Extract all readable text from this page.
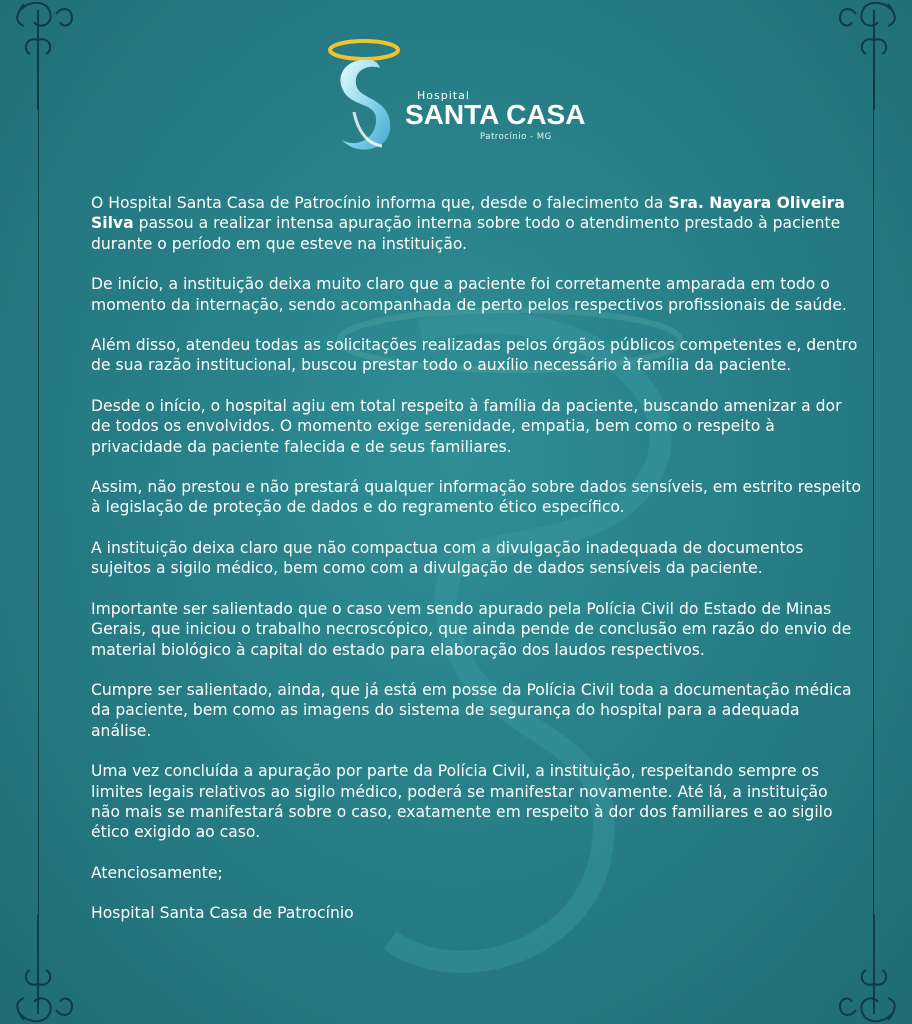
Hospital
SANTA CASA
Patrocínio - MG

O Hospital Santa Casa de Patrocínio informa que, desde o falecimento da Sra. Nayara Oliveira Silva passou a realizar intensa apuração interna sobre todo o atendimento prestado à paciente durante o período em que esteve na instituição.

De início, a instituição deixa muito claro que a paciente foi corretamente amparada em todo o momento da internação, sendo acompanhada de perto pelos respectivos profissionais de saúde.

Além disso, atendeu todas as solicitações realizadas pelos órgãos públicos competentes e, dentro de sua razão institucional, buscou prestar todo o auxílio necessário à família da paciente.

Desde o início, o hospital agiu em total respeito à família da paciente, buscando amenizar a dor de todos os envolvidos. O momento exige serenidade, empatia, bem como o respeito à privacidade da paciente falecida e de seus familiares.

Assim, não prestou e não prestará qualquer informação sobre dados sensíveis, em estrito respeito à legislação de proteção de dados e do regramento ético específico.

A instituição deixa claro que não compactua com a divulgação inadequada de documentos sujeitos a sigilo médico, bem como com a divulgação de dados sensíveis da paciente.

Importante ser salientado que o caso vem sendo apurado pela Polícia Civil do Estado de Minas Gerais, que iniciou o trabalho necroscópico, que ainda pende de conclusão em razão do envio de material biológico à capital do estado para elaboração dos laudos respectivos.

Cumpre ser salientado, ainda, que já está em posse da Polícia Civil toda a documentação médica da paciente, bem como as imagens do sistema de segurança do hospital para a adequada análise.

Uma vez concluída a apuração por parte da Polícia Civil, a instituição, respeitando sempre os limites legais relativos ao sigilo médico, poderá se manifestar novamente. Até lá, a instituição não mais se manifestará sobre o caso, exatamente em respeito à dor dos familiares e ao sigilo ético exigido ao caso.

Atenciosamente;

Hospital Santa Casa de Patrocínio
